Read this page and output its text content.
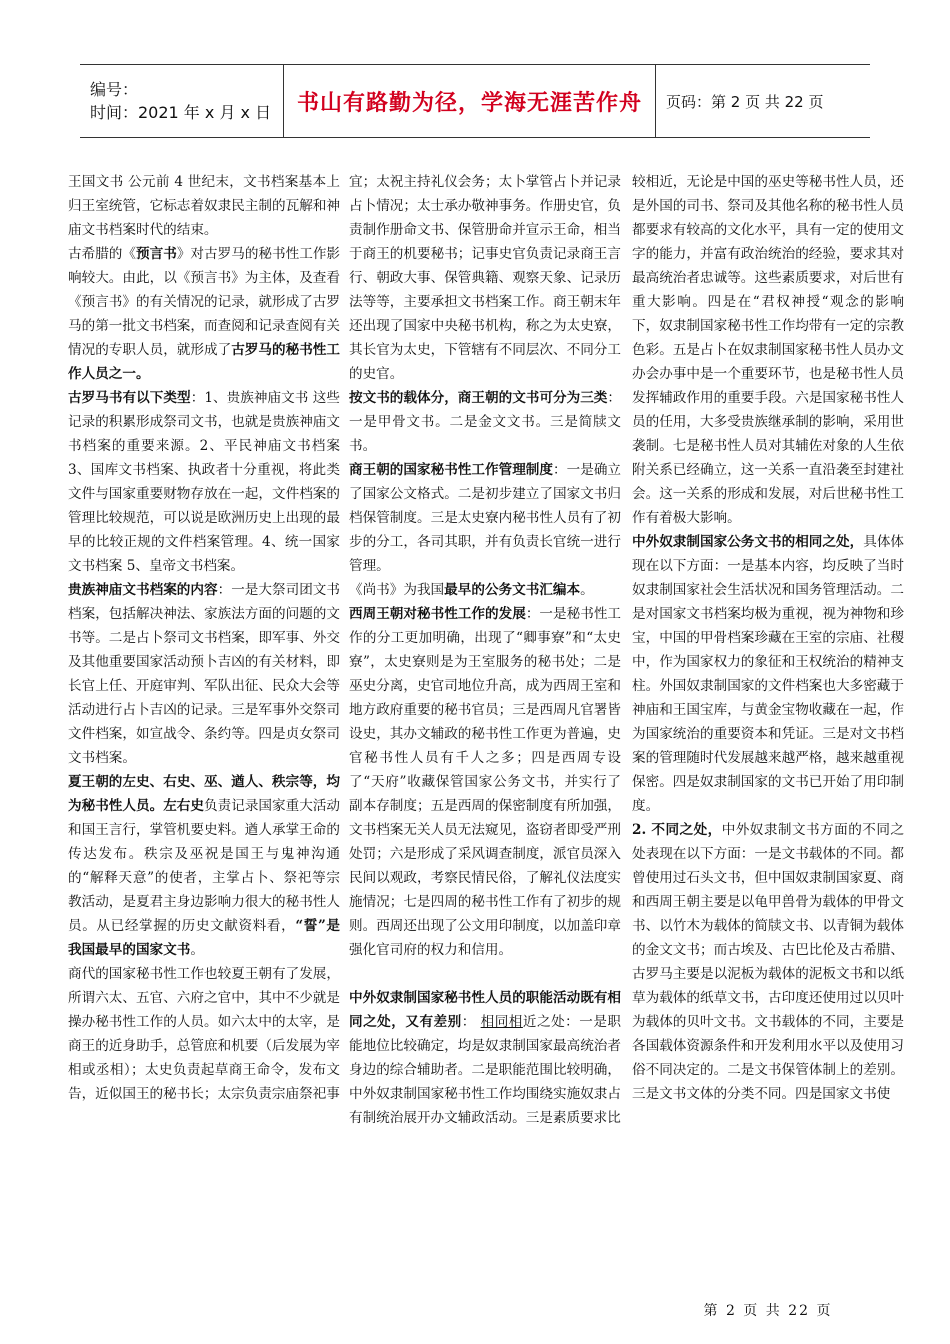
编号：
时间：2021 年 x 月 x 日	书山有路勤为径，学海无涯苦作舟 页码：第 2 页 共 22 页

王国文书 公元前 4 世纪末，文书档案基本上归王室统管，它标志着奴隶民主制的瓦解和神庙文书档案时代的结束。

古希腊的《预言书》对古罗马的秘书性工作影响较大。由此，以《预言书》为主体，及查看《预言书》的有关情况的记录，就形成了古罗马的第一批文书档案，而查阅和记录查阅有关情况的专职人员，就形成了古罗马的秘书性工作人员之一。

古罗马书有以下类型：1、贵族神庙文书 这些记录的积累形成祭司文书，也就是贵族神庙文书档案的重要来源。2、平民神庙文书档案 3、国库文书档案、执政者十分重视，将此类文件与国家重要财物存放在一起，文件档案的管理比较规范，可以说是欧洲历史上出现的最早的比较正规的文件档案管理。4、统一国家文书档案 5、皇帝文书档案。

贵族神庙文书档案的内容：一是大祭司团文书档案，包括解决神法、家族法方面的问题的文书等。二是占卜祭司文书档案，即军事、外交及其他重要国家活动预卜吉凶的有关材料，即长官上任、开庭审判、军队出征、民众大会等活动进行占卜吉凶的记录。三是军事外交祭司文件档案，如宣战令、条约等。四是贞女祭司文书档案。

夏王朝的左史、右史、巫、遒人、秩宗等，均为秘书性人员。左右史负责记录国家重大活动和国王言行，掌管机要史料。遒人承掌王命的传达发布。秩宗及巫祝是国王与鬼神沟通的“解释天意”的使者，主掌占卜、祭祀等宗教活动，是夏君主身边影响力很大的秘书性人员。从已经掌握的历史文献资料看，“誓”是我国最早的国家文书。

商代的国家秘书性工作也较夏王朝有了发展，所谓六太、五官、六府之官中，其中不少就是操办秘书性工作的人员。如六太中的太宰，是商王的近身助手，总管庶和机要（后发展为宰相或丞相）；太史负责起草商王命令，发布文告，近似国王的秘书长；太宗负责宗庙祭祀事

宜；太祝主持礼仪会务；太卜掌管占卜并记录占卜情况；太士承办敬神事务。作册史官，负责制作册命文书、保管册命并宣示王命，相当于商王的机要秘书；记事史官负责记录商王言行、朝政大事、保管典籍、观察天象、记录历法等等，主要承担文书档案工作。商王朝末年还出现了国家中央秘书机构，称之为太史寮，其长官为太史，下管辖有不同层次、不同分工的史官。

按文书的载体分，商王朝的文书可分为三类：一是甲骨文书。二是金文文书。三是简牍文书。

商王朝的国家秘书性工作管理制度：一是确立了国家公文格式。二是初步建立了国家文书归档保管制度。三是太史寮内秘书性人员有了初步的分工，各司其职，并有负责长官统一进行管理。

《尚书》为我国最早的公务文书汇编本。

西周王朝对秘书性工作的发展：一是秘书性工作的分工更加明确，出现了“卿事寮”和“太史寮”，太史寮则是为王室服务的秘书处；二是巫史分离，史官司地位升高，成为西周王室和地方政府重要的秘书官员；三是西周凡官署皆设史，其办文辅政的秘书性工作更为普遍，史官秘书性人员有千人之多；四是西周专设了“天府”收藏保管国家公务文书，并实行了副本存制度；五是西周的保密制度有所加强，文书档案无关人员无法窥见，盗窃者即受严刑处罚；六是形成了采风调查制度，派官员深入民间以观政，考察民情民俗，了解礼仪法度实施情况；七是四周的秘书性工作有了初步的规则。西周还出现了公文用印制度，以加盖印章强化官司府的权力和信用。

中外奴隶制国家秘书性人员的职能活动既有相同之处，又有差别： 相同相近之处：一是职能地位比较确定，均是奴隶制国家最高统治者身边的综合辅助者。二是职能范围比较明确，中外奴隶制国家秘书性工作均围绕实施奴隶占有制统治展开办文辅政活动。三是素质要求比

较相近，无论是中国的巫史等秘书性人员，还是外国的司书、祭司及其他名称的秘书性人员都要求有较高的文化水平，具有一定的使用文字的能力，并富有政治统治的经验，要求其对最高统治者忠诚等。这些素质要求，对后世有重大影响。四是在“君权神授“观念的影响下，奴隶制国家秘书性工作均带有一定的宗教色彩。五是占卜在奴隶制国家秘书性人员办文办会办事中是一个重要环节，也是秘书性人员发挥辅政作用的重要手段。六是国家秘书性人员的任用，大多受贵族继承制的影响，采用世袭制。七是秘书性人员对其辅佐对象的人生依附关系已经确立，这一关系一直沿袭至封建社会。这一关系的形成和发展，对后世秘书性工作有着极大影响。

中外奴隶制国家公务文书的相同之处，具体体现在以下方面：一是基本内容，均反映了当时奴隶制国家社会生活状况和国务管理活动。二是对国家文书档案均极为重视，视为神物和珍宝，中国的甲骨档案珍藏在王室的宗庙、社稷中，作为国家权力的象征和王权统治的精神支柱。外国奴隶制国家的文件档案也大多密藏于神庙和王国宝库，与黄金宝物收藏在一起，作为国家统治的重要资本和凭证。三是对文书档案的管理随时代发展越来越严格，越来越重视保密。四是奴隶制国家的文书已开始了用印制度。

2. 不同之处，中外奴隶制文书方面的不同之处表现在以下方面：一是文书载体的不同。都曾使用过石头文书，但中国奴隶制国家夏、商和西周王朝主要是以龟甲兽骨为载体的甲骨文书、以竹木为载体的简牍文书、以青铜为载体的金文文书；而古埃及、古巴比伦及古希腊、古罗马主要是以泥板为载体的泥板文书和以纸草为载体的纸草文书，古印度还使用过以贝叶为载体的贝叶文书。文书载体的不同，主要是各国载体资源条件和开发利用水平以及使用习俗不同决定的。二是文书保管体制上的差别。三是文书文体的分类不同。四是国家文书使

第 2 页 共 22 页
